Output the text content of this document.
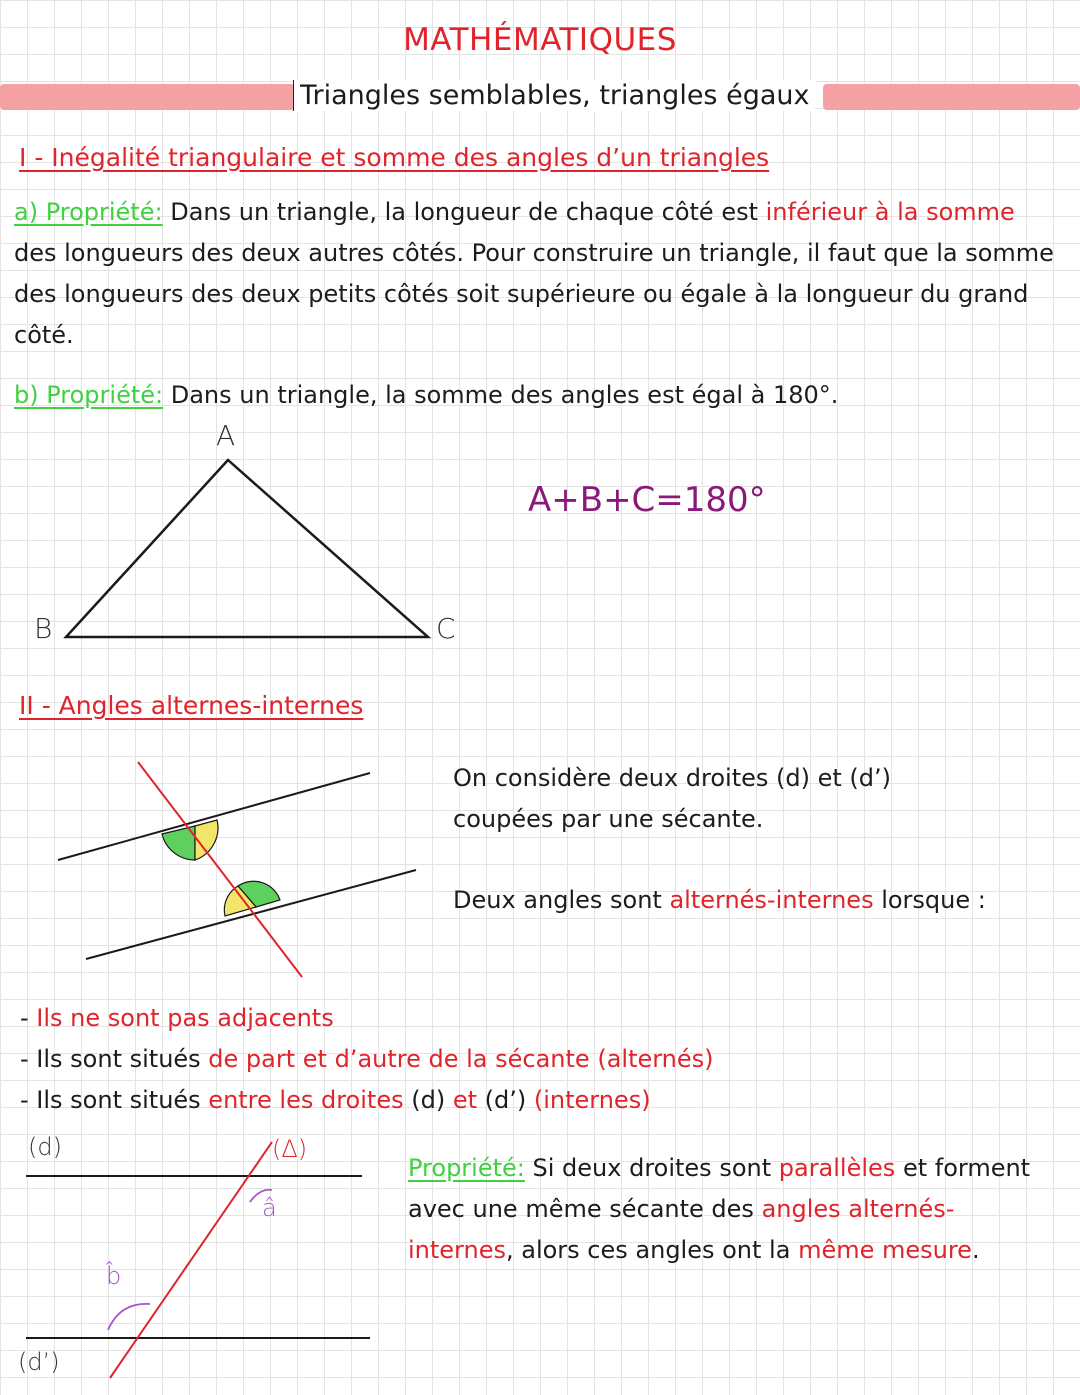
MATHÉMATIQUES
Triangles semblables, triangles égaux
I - Inégalité triangulaire et somme des angles d’un triangles
a) Propriété: Dans un triangle, la longueur de chaque côté est inférieur à la somme des longueurs des deux autres côtés. Pour construire un triangle, il faut que la somme des longueurs des deux petits côtés soit supérieure ou égale à la longueur du grand côté.
b) Propriété: Dans un triangle, la somme des angles est égal à 180°.
A
B	C
A+B+C=180°
II - Angles alternes-internes
On considère deux droites (d) et (d’) coupées par une sécante.
Deux angles sont alternés-internes lorsque :
- Ils ne sont pas adjacents
- Ils sont situés de part et d’autre de la sécante (alternés)
- Ils sont situés entre les droites (d) et (d’) (internes)
(d)	(Δ)
â
b̂
(d’)
Propriété: Si deux droites sont parallèles et forment avec une même sécante des angles alternés-internes, alors ces angles ont la même mesure.
